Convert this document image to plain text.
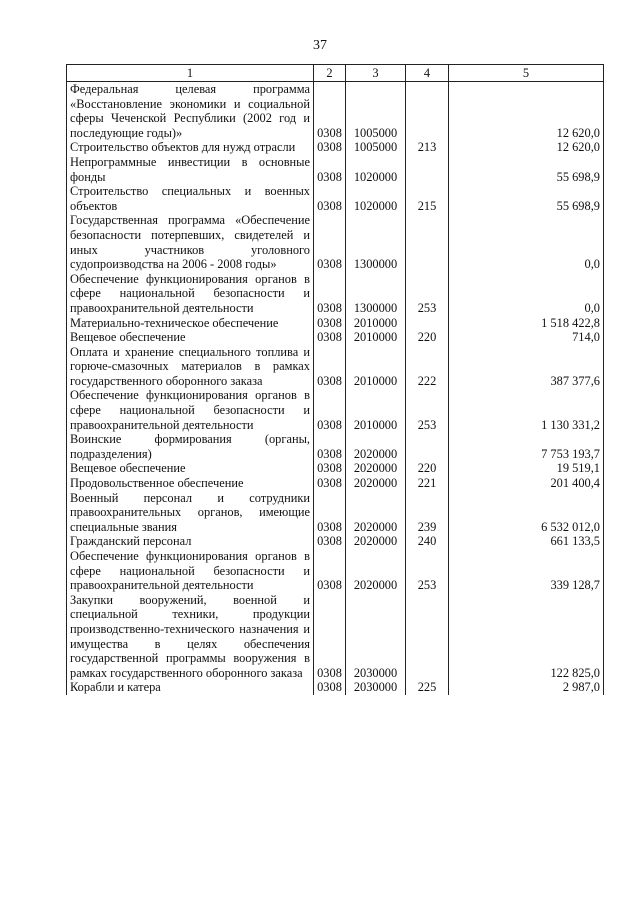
37
1	2	3	4	5
Федеральная целевая программа «Восстановление экономики и социальной сферы Чеченской Республики (2002 год и последующие годы)»	0308	1005000		12 620,0
Строительство объектов для нужд отрасли	0308	1005000	213	12 620,0
Непрограммные инвестиции в основные фонды	0308	1020000		55 698,9
Строительство специальных и военных объектов	0308	1020000	215	55 698,9
Государственная программа «Обеспечение безопасности потерпевших, свидетелей и иных участников уголовного судопроизводства на 2006 - 2008 годы»	0308	1300000		0,0
Обеспечение функционирования органов в сфере национальной безопасности и правоохранительной деятельности	0308	1300000	253	0,0
Материально-техническое обеспечение	0308	2010000		1 518 422,8
Вещевое обеспечение	0308	2010000	220	714,0
Оплата и хранение специального топлива и горюче-смазочных материалов в рамках государственного оборонного заказа	0308	2010000	222	387 377,6
Обеспечение функционирования органов в сфере национальной безопасности и правоохранительной деятельности	0308	2010000	253	1 130 331,2
Воинские формирования (органы, подразделения)	0308	2020000		7 753 193,7
Вещевое обеспечение	0308	2020000	220	19 519,1
Продовольственное обеспечение	0308	2020000	221	201 400,4
Военный персонал и сотрудники правоохранительных органов, имеющие специальные звания	0308	2020000	239	6 532 012,0
Гражданский персонал	0308	2020000	240	661 133,5
Обеспечение функционирования органов в сфере национальной безопасности и правоохранительной деятельности	0308	2020000	253	339 128,7
Закупки вооружений, военной и специальной техники, продукции производственно-технического назначения и имущества в целях обеспечения государственной программы вооружения в рамках государственного оборонного заказа	0308	2030000		122 825,0
Корабли и катера	0308	2030000	225	2 987,0
